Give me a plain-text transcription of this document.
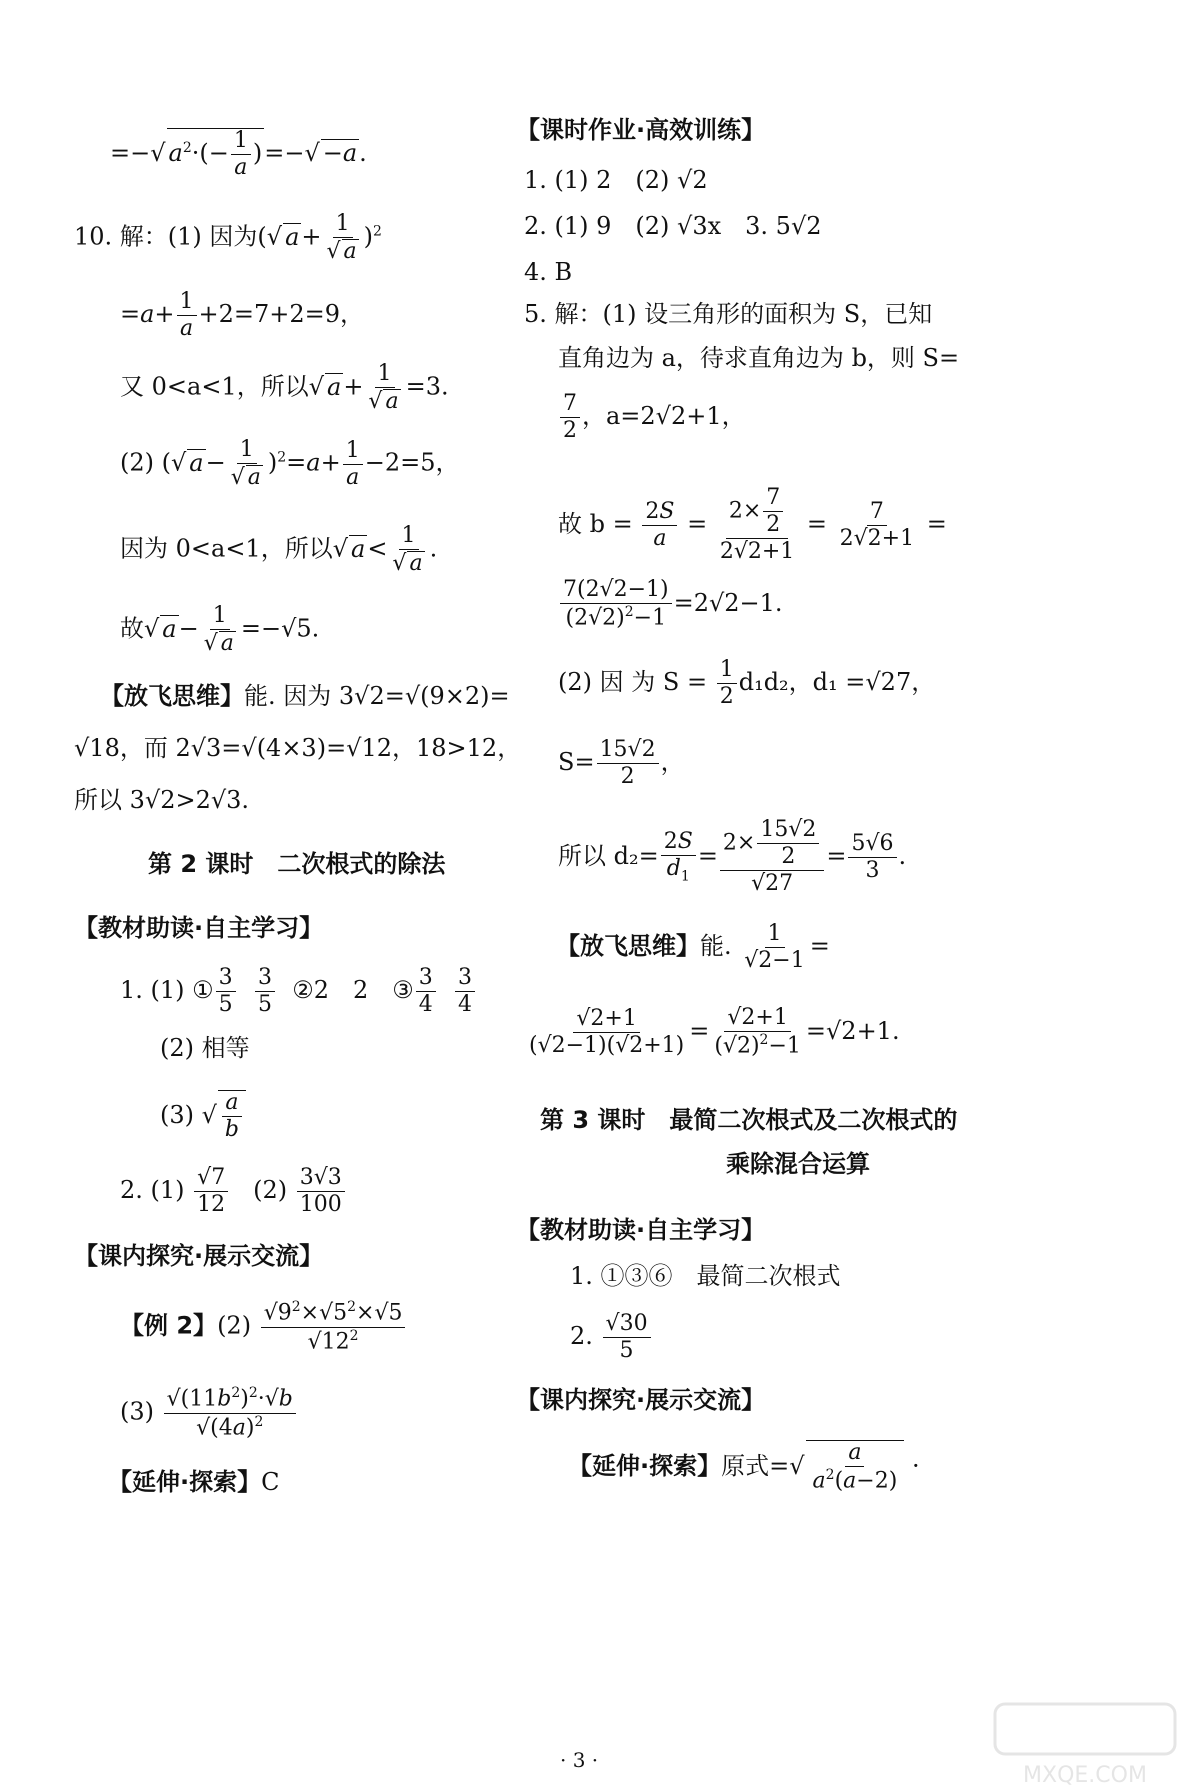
=−√ $a^2\cdot(- \frac{1}{a}$ )=−√ −a.
10. 解：(1) 因为(√ $a+ \frac{1}{√ a} )^2$
$=a+ \frac{1}{a} +2=7+2=9$，
又 0<a<1，所以√ $a+ \frac{1}{√ a} =3$.
(2) (√ $a- \frac{1}{√ a} )^2=a+ \frac{1}{a} -2=5$，
因为 0<a<1，所以√ $a< \frac{1}{√ a}$ .
故√ $a- \frac{1}{√ a} =-√5$.
【放飞思维】能. 因为 3√2=√(9×2)=
√18，而 2√3=√(4×3)=√12，18>12，
所以 3√2>2√3.
第 2 课时　二次根式的除法
【教材助读·自主学习】
1. (1) ① $\frac{3}{5}$
$\frac{3}{5}$ ②2　2　③ $\frac{3}{4}$
$\frac{3}{4}$
(2) 相等
(3) √ $\frac{a}{b}$
2. $(1) \frac{√7}{12} (2) \frac{3√3}{100}$
【课内探究·展示交流】
【例 2】$(2) \frac{√9^2\times√5^2\times√5}{√12^2}$
$(3) \frac{√(11b^2)^2\cdot√b}{√(4a)^2}$
【延伸·探索】C
【课时作业·高效训练】
1. (1) 2　(2) √2
2. (1) 9　(2) √3x　3. 5√2
4. B
5. 解：(1) 设三角形的面积为 S，已知
直角边为 a，待求直角边为 b，则 S=
$\frac{7}{2}$ ，a=2√2+1，
故 $b = \frac{2S}{a} = \frac{2\times \frac{7}{2}}{2√2+1} = \frac{7}{2√2+1}$ =
$\frac{7(2√2-1)}{(2√2)^2-1} =2√2-1$.
(2) 因 为 $S = \frac{1}{2} d_1d_2$，d₁ =√27，
$S= \frac{15√2}{2}$ ，
所以 $d_2= \frac{2S}{d_1} = \frac{2\times \frac{15√2}{2}}{√27} = \frac{5√6}{3}$ .
【放飞思维】能. $\frac{1}{√2-1}$ =
$\frac{√2+1}{(√2-1)(√2+1)} = \frac{√2+1}{(√2)^2-1} =√2+1$.
第 3 课时　最简二次根式及二次根式的
乘除混合运算
【教材助读·自主学习】
1. ①③⑥　最简二次根式
2. $\frac{√30}{5}$
【课内探究·展示交流】
【延伸·探索】原式=√ $\frac{a}{a^2(a-2)}$ ·
· 3 ·
MXQE.COM
